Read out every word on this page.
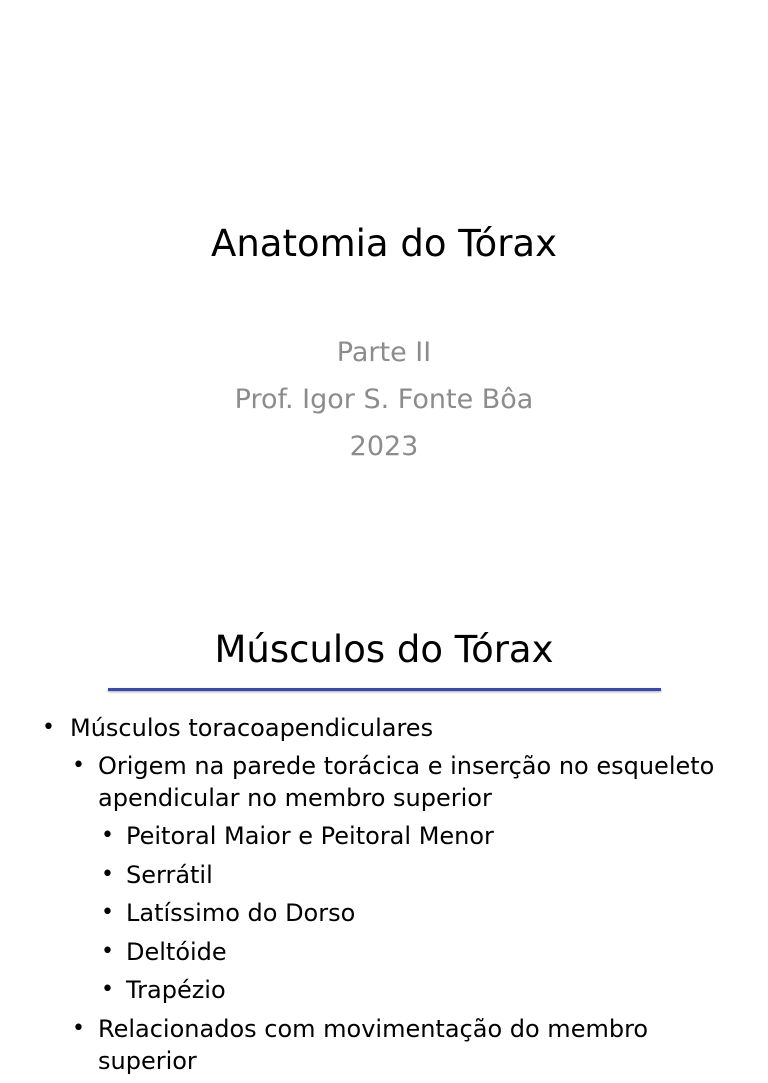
Anatomia do Tórax
Parte II
Prof. Igor S. Fonte Bôa
2023
Músculos do Tórax
• Músculos toracoapendiculares
• Origem na parede torácica e inserção no esqueleto apendicular no membro superior
• Peitoral Maior e Peitoral Menor
• Serrátil
• Latíssimo do Dorso
• Deltóide
• Trapézio
• Relacionados com movimentação do membro superior
